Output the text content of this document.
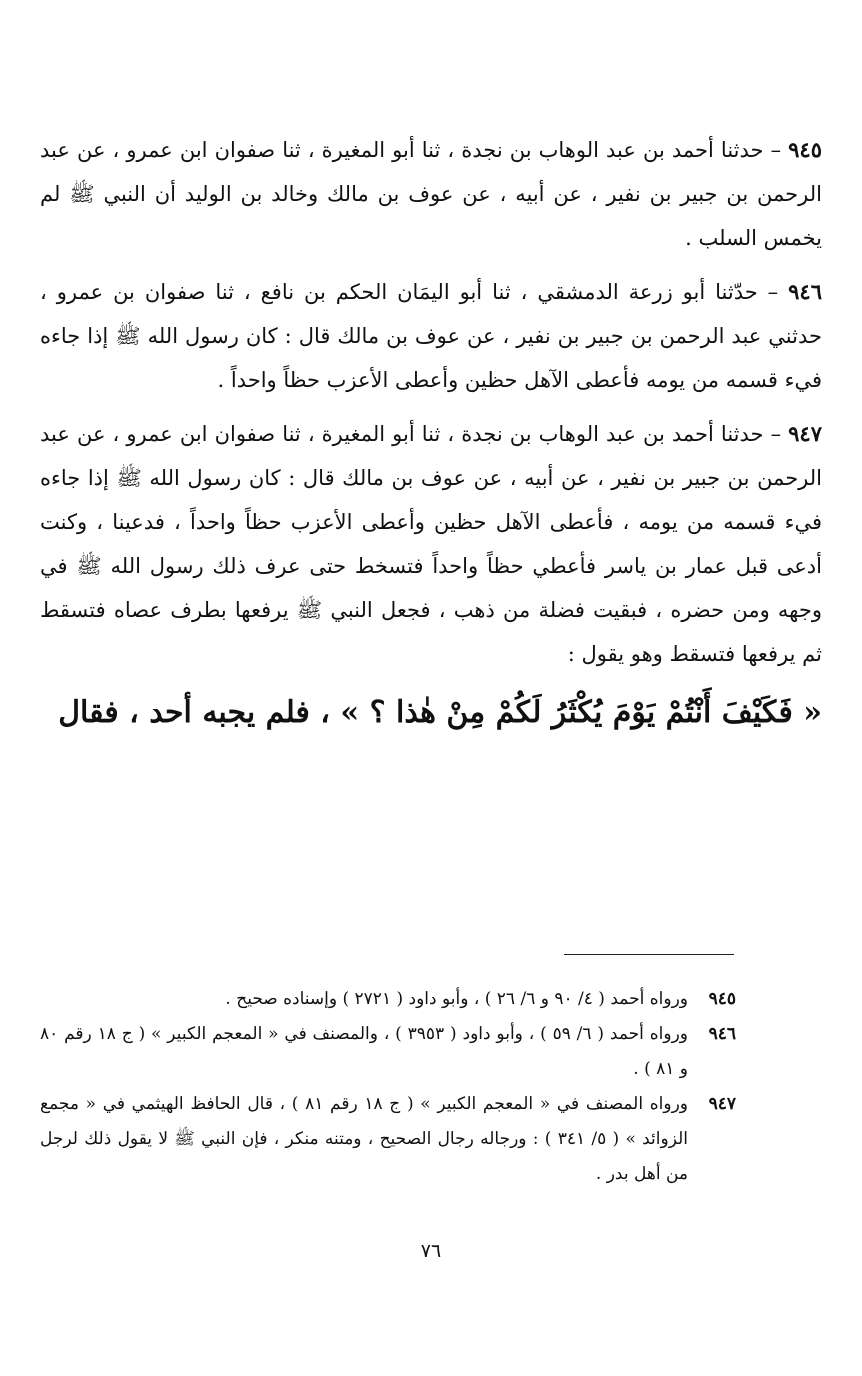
٩٤٥ – حدثنا أحمد بن عبد الوهاب بن نجدة ، ثنا أبو المغيرة ، ثنا صفوان ابن عمرو ، عن عبد الرحمن بن جبير بن نفير ، عن أبيه ، عن عوف بن مالك وخالد بن الوليد أن النبي ﷺ لم يخمس السلب .

٩٤٦ – حدّثنا أبو زرعة الدمشقي ، ثنا أبو اليمَان الحكم بن نافع ، ثنا صفوان بن عمرو ، حدثني عبد الرحمن بن جبير بن نفير ، عن عوف بن مالك قال : كان رسول الله ﷺ إذا جاءه فيء قسمه من يومه فأعطى الآهل حظين وأعطى الأعزب حظاً واحداً .

٩٤٧ – حدثنا أحمد بن عبد الوهاب بن نجدة ، ثنا أبو المغيرة ، ثنا صفوان ابن عمرو ، عن عبد الرحمن بن جبير بن نفير ، عن أبيه ، عن عوف بن مالك قال : كان رسول الله ﷺ إذا جاءه فيء قسمه من يومه ، فأعطى الآهل حظين وأعطى الأعزب حظاً واحداً ، فدعينا ، وكنت أدعى قبل عمار بن ياسر فأعطي حظاً واحداً فتسخط حتى عرف ذلك رسول الله ﷺ في وجهه ومن حضره ، فبقيت فضلة من ذهب ، فجعل النبي ﷺ يرفعها بطرف عصاه فتسقط ثم يرفعها فتسقط وهو يقول :

« فَكَيْفَ أَنْتُمْ يَوْمَ يُكْثَرُ لَكُمْ مِنْ هٰذا ؟ » ، فلم يجبه أحد ، فقال

٩٤٥
ورواه أحمد ( ٤/ ٩٠ و ٦/ ٢٦ ) ، وأبو داود ( ٢٧٢١ ) وإسناده صحيح .

٩٤٦
ورواه أحمد ( ٦/ ٥٩ ) ، وأبو داود ( ٣٩٥٣ ) ، والمصنف في « المعجم الكبير » ( ج ١٨ رقم ٨٠ و ٨١ ) .

٩٤٧
ورواه المصنف في « المعجم الكبير » ( ج ١٨ رقم ٨١ ) ، قال الحافظ الهيثمي في « مجمع الزوائد » ( ٥/ ٣٤١ ) : ورجاله رجال الصحيح ، ومتنه منكر ، فإن النبي ﷺ لا يقول ذلك لرجل من أهل بدر .

٧٦
